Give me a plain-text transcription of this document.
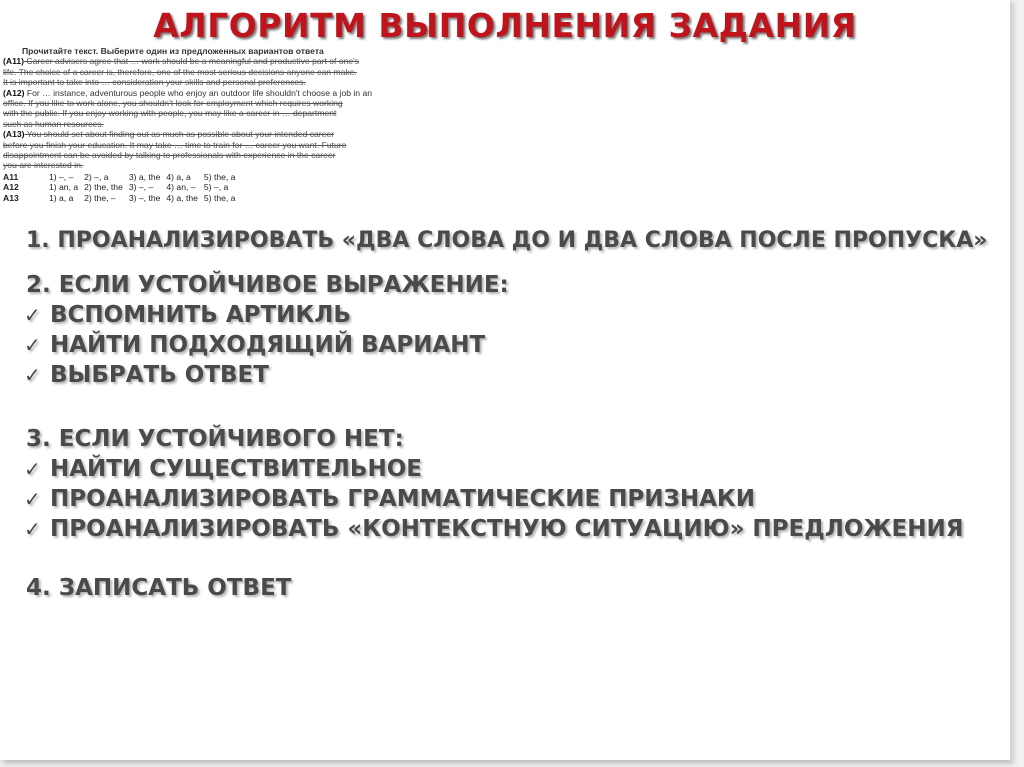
АЛГОРИТМ ВЫПОЛНЕНИЯ ЗАДАНИЯ
Прочитайте текст. Выберите один из предложенных вариантов ответа

(A11) Career advisers agree that … work should be a meaningful and productive part of one's

life. The choice of a career is, therefore, one of the most serious decisions anyone can make.

It is important to take into … consideration your skills and personal preferences.

(A12) For … instance, adventurous people who enjoy an outdoor life shouldn't choose a job in an

office. If you like to work alone, you shouldn't look for employment which requires working

with the public. If you enjoy working with people, you may like a career in … department

such as human resources.

(A13) You should set about finding out as much as possible about your intended career

before you finish your education. It may take … time to train for … career you want. Future

disappointment can be avoided by talking to professionals with experience in the career

you are interested in.

A11	1) –, –	2) –, a	3) a, the	4) a, a	5) the, a
A12	1) an, a	2) the, the	3) –, –	4) an, –	5) –, a
A13	1) a, a	2) the, –	3) –, the	4) a, the	5) the, a
1. ПРОАНАЛИЗИРОВАТЬ «ДВА СЛОВА ДО И ДВА СЛОВА ПОСЛЕ ПРОПУСКА»
2. ЕСЛИ УСТОЙЧИВОЕ ВЫРАЖЕНИЕ:
✓ ВСПОМНИТЬ АРТИКЛЬ
✓ НАЙТИ ПОДХОДЯЩИЙ ВАРИАНТ
✓ ВЫБРАТЬ ОТВЕТ
3. ЕСЛИ УСТОЙЧИВОГО НЕТ:
✓ НАЙТИ СУЩЕСТВИТЕЛЬНОЕ
✓ ПРОАНАЛИЗИРОВАТЬ ГРАММАТИЧЕСКИЕ ПРИЗНАКИ
✓ ПРОАНАЛИЗИРОВАТЬ «КОНТЕКСТНУЮ СИТУАЦИЮ» ПРЕДЛОЖЕНИЯ
4. ЗАПИСАТЬ ОТВЕТ
